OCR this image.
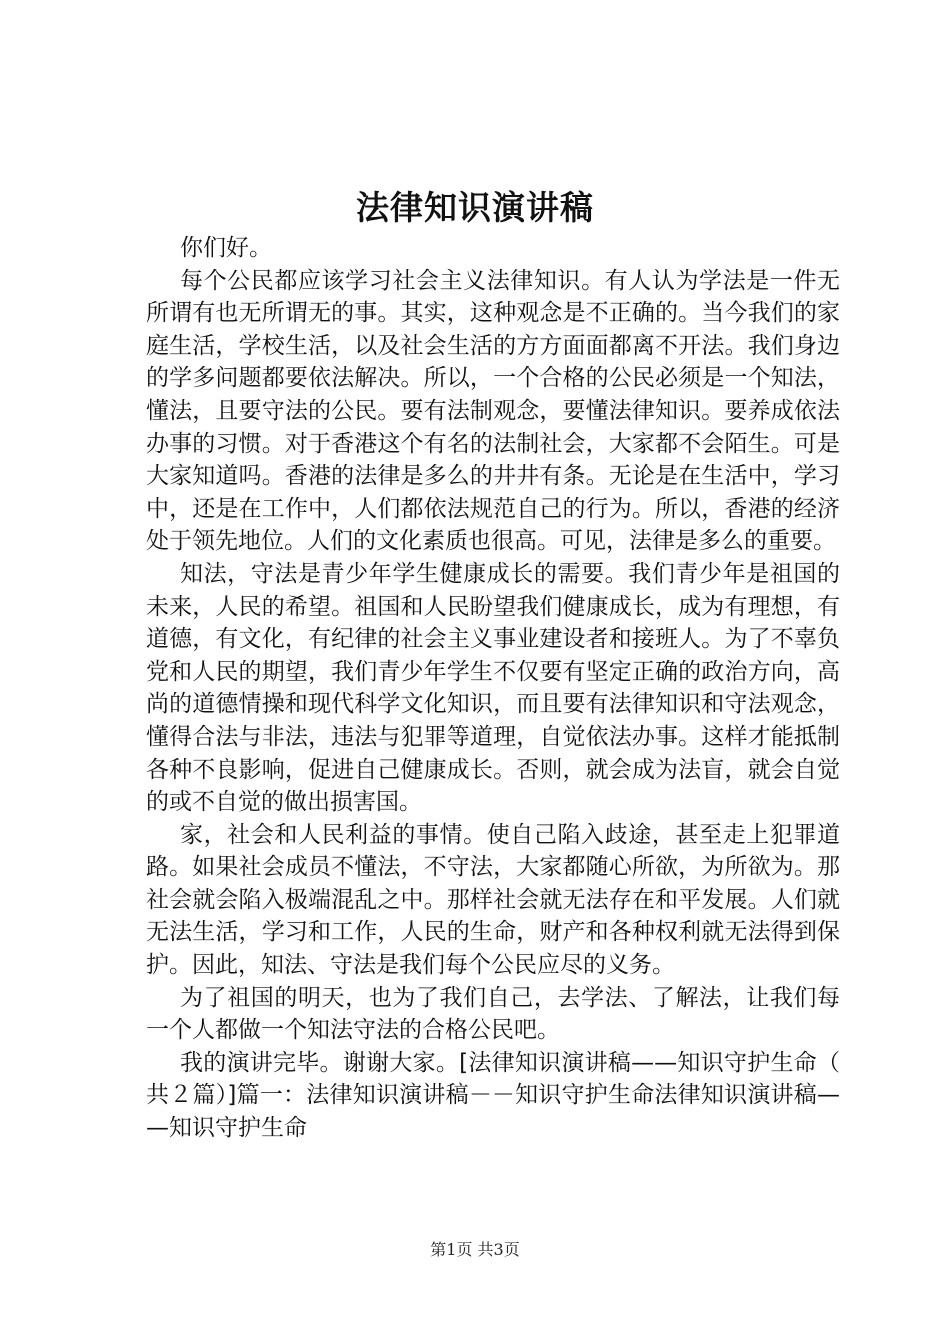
法律知识演讲稿

你们好。

每个公民都应该学习社会主义法律知识。有人认为学法是一件无所谓有也无所谓无的事。其实，这种观念是不正确的。当今我们的家庭生活，学校生活，以及社会生活的方方面面都离不开法。我们身边的学多问题都要依法解决。所以，一个合格的公民必须是一个知法，懂法，且要守法的公民。要有法制观念，要懂法律知识。要养成依法办事的习惯。对于香港这个有名的法制社会，大家都不会陌生。可是大家知道吗。香港的法律是多么的井井有条。无论是在生活中，学习中，还是在工作中，人们都依法规范自己的行为。所以，香港的经济处于领先地位。人们的文化素质也很高。可见，法律是多么的重要。

知法，守法是青少年学生健康成长的需要。我们青少年是祖国的未来，人民的希望。祖国和人民盼望我们健康成长，成为有理想，有道德，有文化，有纪律的社会主义事业建设者和接班人。为了不辜负党和人民的期望，我们青少年学生不仅要有坚定正确的政治方向，高尚的道德情操和现代科学文化知识，而且要有法律知识和守法观念，懂得合法与非法，违法与犯罪等道理，自觉依法办事。这样才能抵制各种不良影响，促进自己健康成长。否则，就会成为法盲，就会自觉的或不自觉的做出损害国。

家，社会和人民利益的事情。使自己陷入歧途，甚至走上犯罪道路。如果社会成员不懂法，不守法，大家都随心所欲，为所欲为。那社会就会陷入极端混乱之中。那样社会就无法存在和平发展。人们就无法生活，学习和工作，人民的生命，财产和各种权利就无法得到保护。因此，知法、守法是我们每个公民应尽的义务。

为了祖国的明天，也为了我们自己，去学法、了解法，让我们每一个人都做一个知法守法的合格公民吧。

我的演讲完毕。谢谢大家。[法律知识演讲稿——知识守护生命（共２篇）]篇一：法律知识演讲稿－－知识守护生命法律知识演讲稿——知识守护生命

第1页 共3页
